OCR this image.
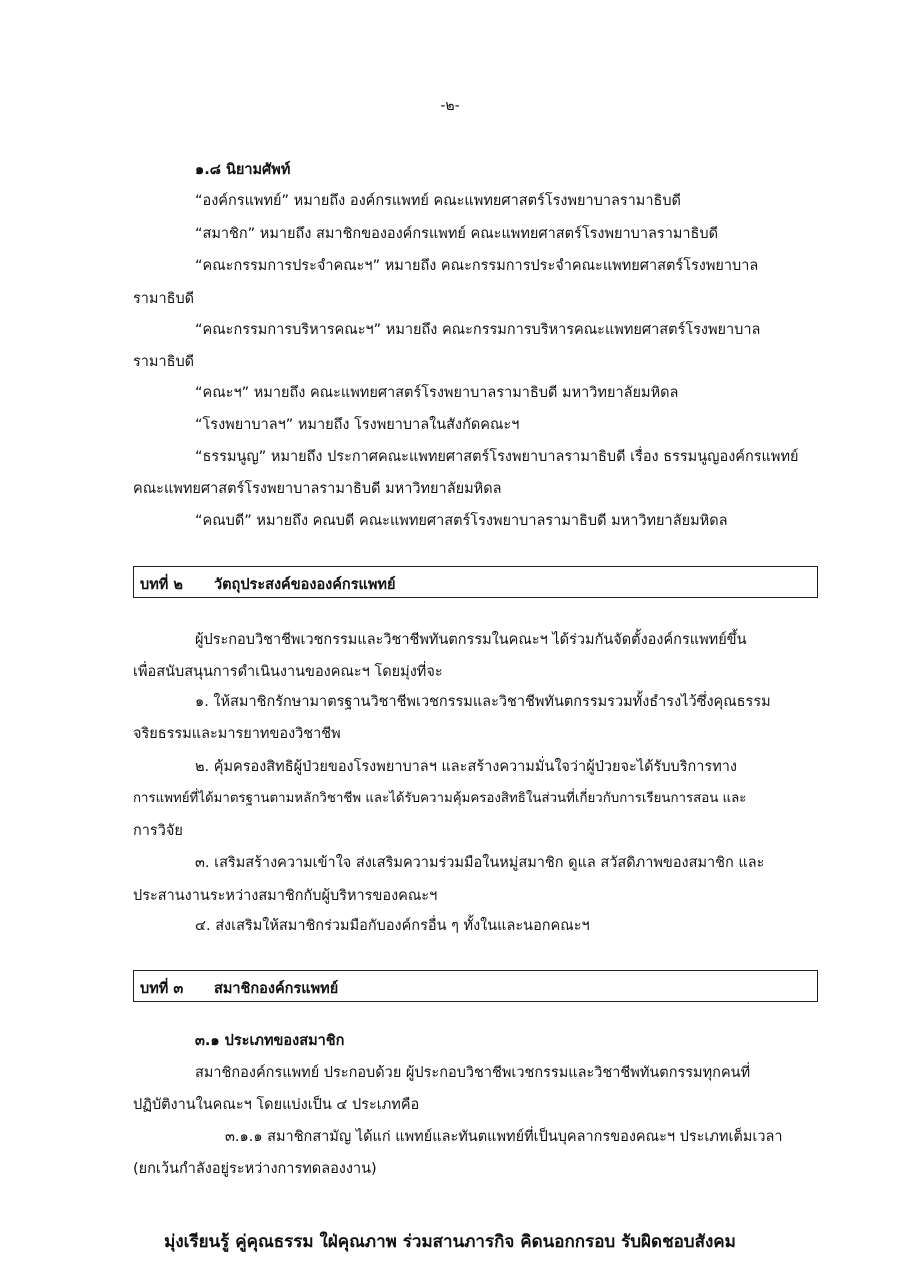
-๒-
๑.๘ นิยามศัพท์
“องค์กรแพทย์” หมายถึง องค์กรแพทย์ คณะแพทยศาสตร์โรงพยาบาลรามาธิบดี
“สมาชิก” หมายถึง สมาชิกขององค์กรแพทย์ คณะแพทยศาสตร์โรงพยาบาลรามาธิบดี
“คณะกรรมการประจำคณะฯ” หมายถึง คณะกรรมการประจำคณะแพทยศาสตร์โรงพยาบาล
รามาธิบดี
“คณะกรรมการบริหารคณะฯ” หมายถึง คณะกรรมการบริหารคณะแพทยศาสตร์โรงพยาบาล
รามาธิบดี
“คณะฯ” หมายถึง คณะแพทยศาสตร์โรงพยาบาลรามาธิบดี มหาวิทยาลัยมหิดล
“โรงพยาบาลฯ” หมายถึง โรงพยาบาลในสังกัดคณะฯ
“ธรรมนูญ” หมายถึง ประกาศคณะแพทยศาสตร์โรงพยาบาลรามาธิบดี เรื่อง ธรรมนูญองค์กรแพทย์
คณะแพทยศาสตร์โรงพยาบาลรามาธิบดี มหาวิทยาลัยมหิดล
“คณบดี” หมายถึง คณบดี คณะแพทยศาสตร์โรงพยาบาลรามาธิบดี มหาวิทยาลัยมหิดล
บทที่ ๒ วัตถุประสงค์ขององค์กรแพทย์
ผู้ประกอบวิชาชีพเวชกรรมและวิชาชีพทันตกรรมในคณะฯ ได้ร่วมกันจัดตั้งองค์กรแพทย์ขึ้น
เพื่อสนับสนุนการดำเนินงานของคณะฯ โดยมุ่งที่จะ
๑. ให้สมาชิกรักษามาตรฐานวิชาชีพเวชกรรมและวิชาชีพทันตกรรมรวมทั้งธำรงไว้ซึ่งคุณธรรม
จริยธรรมและมารยาทของวิชาชีพ
๒. คุ้มครองสิทธิผู้ป่วยของโรงพยาบาลฯ และสร้างความมั่นใจว่าผู้ป่วยจะได้รับบริการทาง
การแพทย์ที่ได้มาตรฐานตามหลักวิชาชีพ และได้รับความคุ้มครองสิทธิในส่วนที่เกี่ยวกับการเรียนการสอน และ
การวิจัย
๓. เสริมสร้างความเข้าใจ ส่งเสริมความร่วมมือในหมู่สมาชิก ดูแล สวัสดิภาพของสมาชิก และ
ประสานงานระหว่างสมาชิกกับผู้บริหารของคณะฯ
๔. ส่งเสริมให้สมาชิกร่วมมือกับองค์กรอื่น ๆ ทั้งในและนอกคณะฯ
บทที่ ๓ สมาชิกองค์กรแพทย์
๓.๑ ประเภทของสมาชิก
สมาชิกองค์กรแพทย์ ประกอบด้วย ผู้ประกอบวิชาชีพเวชกรรมและวิชาชีพทันตกรรมทุกคนที่
ปฏิบัติงานในคณะฯ โดยแบ่งเป็น ๔ ประเภทคือ
๓.๑.๑ สมาชิกสามัญ ได้แก่ แพทย์และทันตแพทย์ที่เป็นบุคลากรของคณะฯ ประเภทเต็มเวลา
(ยกเว้นกำลังอยู่ระหว่างการทดลองงาน)
มุ่งเรียนรู้ คู่คุณธรรม ใฝ่คุณภาพ ร่วมสานภารกิจ คิดนอกกรอบ รับผิดชอบสังคม
